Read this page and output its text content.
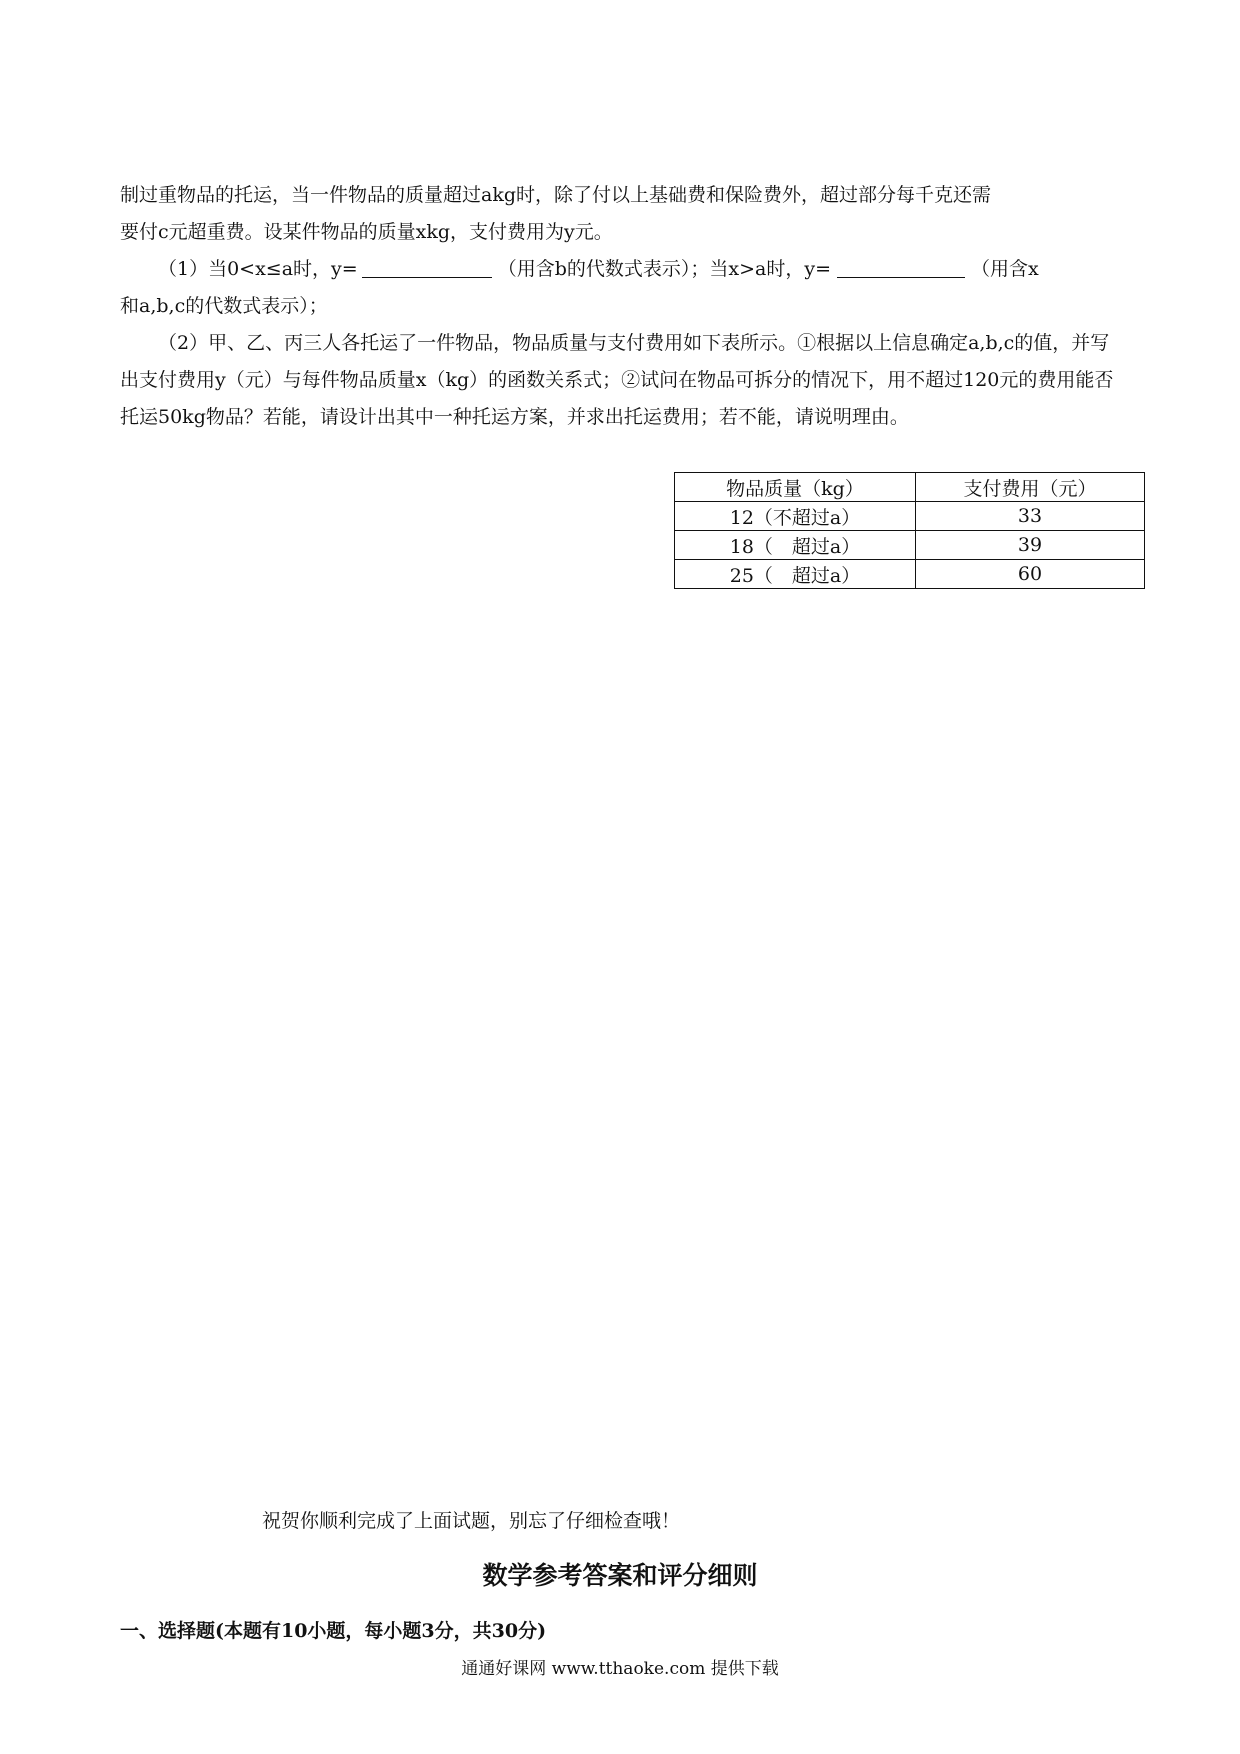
制过重物品的托运，当一件物品的质量超过akg时，除了付以上基础费和保险费外，超过部分每千克还需
要付c元超重费。设某件物品的质量xkg，支付费用为y元。
（1）当0<x≤a时，y=	（用含b的代数式表示）；当x>a时，y=	（用含x
和a,b,c的代数式表示）；
（2）甲、乙、丙三人各托运了一件物品，物品质量与支付费用如下表所示。①根据以上信息确定a,b,c的值，并写出支付费用y（元）与每件物品质量x（kg）的函数关系式；②试问在物品可拆分的情况下，用不超过120元的费用能否托运50kg物品？若能，请设计出其中一种托运方案，并求出托运费用；若不能，请说明理由。
物品质量（kg）	支付费用（元）
12（不超过a）	33
18（　超过a）	39
25（　超过a）	60
祝贺你顺利完成了上面试题，别忘了仔细检查哦！
数学参考答案和评分细则
一、选择题(本题有10小题，每小题3分，共30分)
通通好课网 www.tthaoke.com 提供下载
